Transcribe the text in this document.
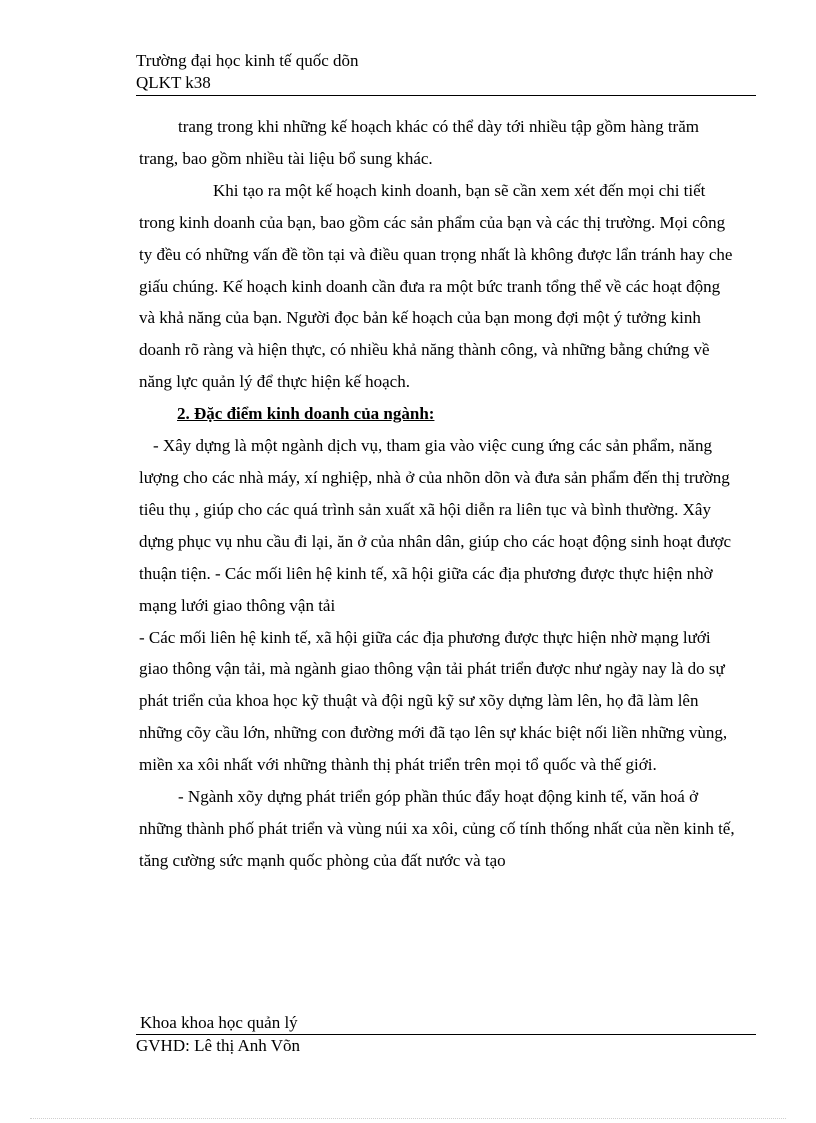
Trường đại học kinh tế quốc dõn
QLKT k38

trang trong khi những kế hoạch khác có thể dày tới nhiều tập gồm hàng trăm trang, bao gồm nhiều tài liệu bổ sung khác.

Khi tạo ra một kế hoạch kinh doanh, bạn sẽ cần xem xét đến mọi chi tiết trong kinh doanh của bạn, bao gồm các sản phẩm của bạn và các thị trường. Mọi công ty đều có những vấn đề tồn tại và điều quan trọng nhất là không được lẩn tránh hay che giấu chúng. Kế hoạch kinh doanh cần đưa ra một bức tranh tổng thể về các hoạt động và khả năng của bạn. Người đọc bản kế hoạch của bạn mong đợi một ý tưởng kinh doanh rõ ràng và hiện thực, có nhiều khả năng thành công, và những bằng chứng về năng lực quản lý để thực hiện kế hoạch.

2. Đặc điểm kinh doanh của ngành:

- Xây dựng là một ngành dịch vụ, tham gia vào việc cung ứng các sản phẩm, năng lượng cho các nhà máy, xí nghiệp, nhà ở của nhõn dõn và đưa sản phẩm đến thị trường tiêu thụ , giúp cho các quá trình sản xuất xã hội diễn ra liên tục và bình thường. Xây dựng phục vụ nhu cầu đi lại, ăn ở của nhân dân, giúp cho các hoạt động sinh hoạt được thuận tiện. - Các mối liên hệ kinh tế, xã hội giữa các địa phương được thực hiện nhờ mạng lưới giao thông vận tải

- Các mối liên hệ kinh tế, xã hội giữa các địa phương được thực hiện nhờ mạng lưới giao thông vận tải, mà ngành giao thông vận tải phát triển được như ngày nay là do sự phát triển của khoa học kỹ thuật và đội ngũ kỹ sư xõy dựng làm lên, họ đã làm lên những cõy cầu lớn, những con đường mới đã tạo lên sự khác biệt nối liền những vùng, miền xa xôi nhất với những thành thị phát triển trên mọi tổ quốc và thế giới.

- Ngành xõy dựng phát triển góp phần thúc đẩy hoạt động kinh tế, văn hoá ở những thành phố phát triển và vùng núi xa xôi, củng cố tính thống nhất của nền kinh tế, tăng cường sức mạnh quốc phòng của đất nước và tạo

Khoa khoa học quản lý
GVHD: Lê thị Anh Võn
